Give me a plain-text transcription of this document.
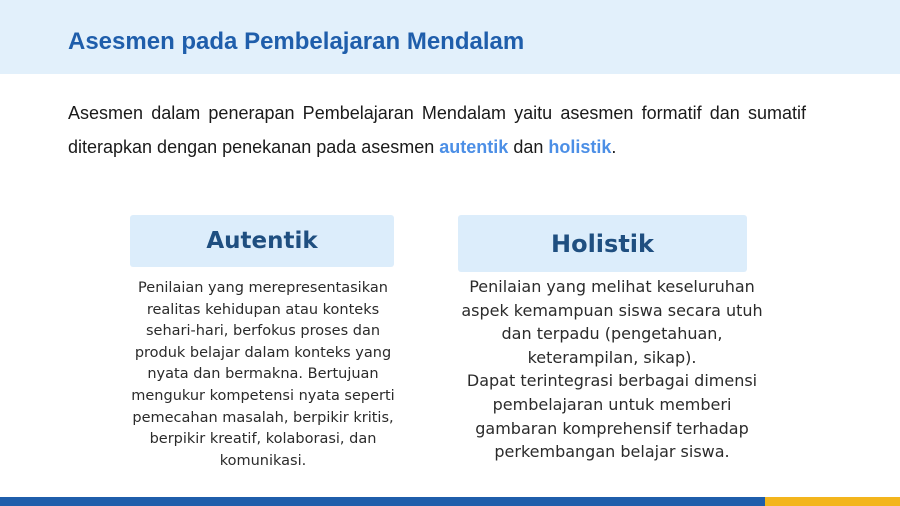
Asesmen pada Pembelajaran Mendalam

Asesmen dalam penerapan Pembelajaran Mendalam yaitu asesmen formatif dan sumatif diterapkan dengan penekanan pada asesmen autentik dan holistik.

Autentik

Penilaian yang merepresentasikan
realitas kehidupan atau konteks
sehari-hari, berfokus proses dan
produk belajar dalam konteks yang
nyata dan bermakna. Bertujuan
mengukur kompetensi nyata seperti
pemecahan masalah, berpikir kritis,
berpikir kreatif, kolaborasi, dan
komunikasi.

Holistik

Penilaian yang melihat keseluruhan
aspek kemampuan siswa secara utuh
dan terpadu (pengetahuan,
keterampilan, sikap).
Dapat terintegrasi berbagai dimensi
pembelajaran untuk memberi
gambaran komprehensif terhadap
perkembangan belajar siswa.
